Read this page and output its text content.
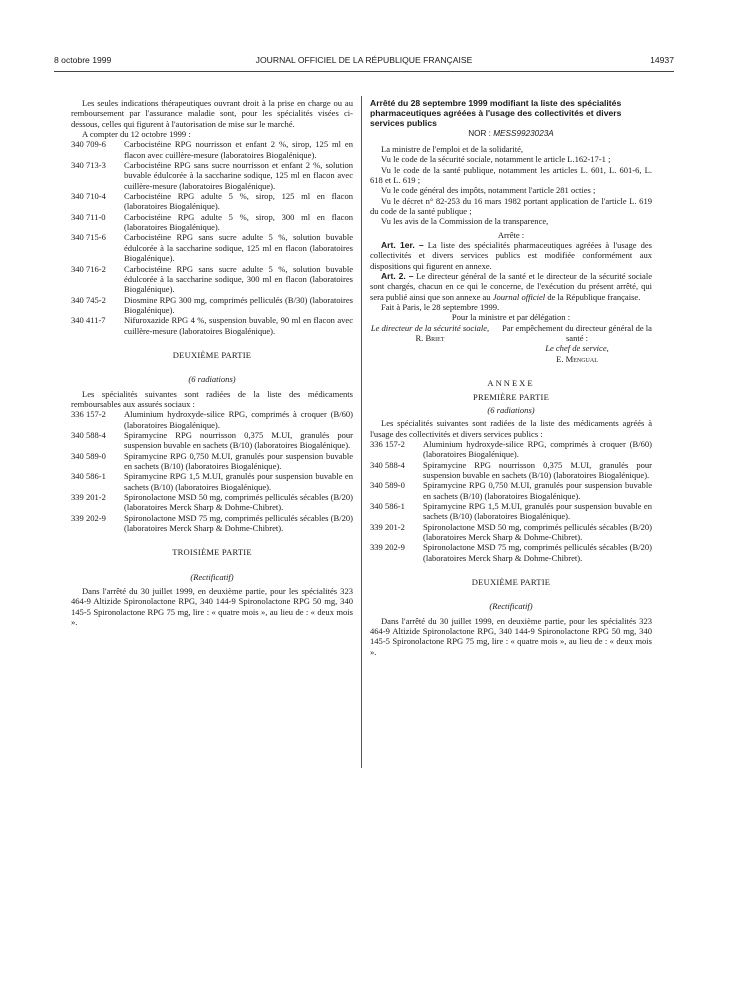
8 octobre 1999	JOURNAL OFFICIEL DE LA RÉPUBLIQUE FRANÇAISE	14937

Les seules indications thérapeutiques ouvrant droit à la prise en charge ou au remboursement par l'assurance maladie sont, pour les spécialités visées ci-dessous, celles qui figurent à l'autorisation de mise sur le marché.

A compter du 12 octobre 1999 :

340 709-6	Carbocistéine RPG nourrisson et enfant 2 %, sirop, 125 ml en flacon avec cuillère-mesure (laboratoires Biogalénique).
340 713-3	Carbocistéine RPG sans sucre nourrisson et enfant 2 %, solution buvable édulcorée à la saccharine sodique, 125 ml en flacon avec cuillère-mesure (laboratoires Biogalénique).
340 710-4	Carbocistéine RPG adulte 5 %, sirop, 125 ml en flacon (laboratoires Biogalénique).
340 711-0	Carbocistéine RPG adulte 5 %, sirop, 300 ml en flacon (laboratoires Biogalénique).
340 715-6	Carbocistéine RPG sans sucre adulte 5 %, solution buvable édulcorée à la saccharine sodique, 125 ml en flacon (laboratoires Biogalénique).
340 716-2	Carbocistéine RPG sans sucre adulte 5 %, solution buvable édulcorée à la saccharine sodique, 300 ml en flacon (laboratoires Biogalénique).
340 745-2	Diosmine RPG 300 mg, comprimés pelliculés (B/30) (laboratoires Biogalénique).
340 411-7	Nifuroxazide RPG 4 %, suspension buvable, 90 ml en flacon avec cuillère-mesure (laboratoires Biogalénique).

DEUXIÈME PARTIE

(6 radiations)

Les spécialités suivantes sont radiées de la liste des médicaments remboursables aux assurés sociaux :

336 157-2	Aluminium hydroxyde-silice RPG, comprimés à croquer (B/60) (laboratoires Biogalénique).
340 588-4	Spiramycine RPG nourrisson 0,375 M.UI, granulés pour suspension buvable en sachets (B/10) (laboratoires Biogalénique).
340 589-0	Spiramycine RPG 0,750 M.UI, granulés pour suspension buvable en sachets (B/10) (laboratoires Biogalénique).
340 586-1	Spiramycine RPG 1,5 M.UI, granulés pour suspension buvable en sachets (B/10) (laboratoires Biogalénique).
339 201-2	Spironolactone MSD 50 mg, comprimés pelliculés sécables (B/20) (laboratoires Merck Sharp & Dohme-Chibret).
339 202-9	Spironolactone MSD 75 mg, comprimés pelliculés sécables (B/20) (laboratoires Merck Sharp & Dohme-Chibret).

TROISIÈME PARTIE

(Rectificatif)

Dans l'arrêté du 30 juillet 1999, en deuxième partie, pour les spécialités 323 464-9 Altizide Spironolactone RPG, 340 144-9 Spironolactone RPG 50 mg, 340 145-5 Spironolactone RPG 75 mg, lire : « quatre mois », au lieu de : « deux mois ».

Arrêté du 28 septembre 1999 modifiant la liste des spécialités pharmaceutiques agréées à l'usage des collectivités et divers services publics

NOR : MESS9923023A

La ministre de l'emploi et de la solidarité,

Vu le code de la sécurité sociale, notamment le article L.162-17-1 ;

Vu le code de la santé publique, notamment les articles L. 601, L. 601-6, L. 618 et L. 619 ;

Vu le code général des impôts, notamment l'article 281 octies ;

Vu le décret n° 82-253 du 16 mars 1982 portant application de l'article L. 619 du code de la santé publique ;

Vu les avis de la Commission de la transparence,

Arrête :

Art. 1er. – La liste des spécialités pharmaceutiques agréées à l'usage des collectivités et divers services publics est modifiée conformément aux dispositions qui figurent en annexe.

Art. 2. – Le directeur général de la santé et le directeur de la sécurité sociale sont chargés, chacun en ce qui le concerne, de l'exécution du présent arrêté, qui sera publié ainsi que son annexe au Journal officiel de la République française.

Fait à Paris, le 28 septembre 1999.

Pour la ministre et par délégation :

Le directeur de la sécurité sociale,
R. Briet
Par empêchement du directeur général de la santé :
Le chef de service,
E. Mengual

ANNEXE

PREMIÈRE PARTIE

(6 radiations)

Les spécialités suivantes sont radiées de la liste des médicaments agréés à l'usage des collectivités et divers services publics :

336 157-2	Aluminium hydroxyde-silice RPG, comprimés à croquer (B/60) (laboratoires Biogalénique).
340 588-4	Spiramycine RPG nourrisson 0,375 M.UI, granulés pour suspension buvable en sachets (B/10) (laboratoires Biogalénique).
340 589-0	Spiramycine RPG 0,750 M.UI, granulés pour suspension buvable en sachets (B/10) (laboratoires Biogalénique).
340 586-1	Spiramycine RPG 1,5 M.UI, granulés pour suspension buvable en sachets (B/10) (laboratoires Biogalénique).
339 201-2	Spironolactone MSD 50 mg, comprimés pelliculés sécables (B/20) (laboratoires Merck Sharp & Dohme-Chibret).
339 202-9	Spironolactone MSD 75 mg, comprimés pelliculés sécables (B/20) (laboratoires Merck Sharp & Dohme-Chibret).

DEUXIÈME PARTIE

(Rectificatif)

Dans l'arrêté du 30 juillet 1999, en deuxième partie, pour les spécialités 323 464-9 Altizide Spironolactone RPG, 340 144-9 Spironolactone RPG 50 mg, 340 145-5 Spironolactone RPG 75 mg, lire : « quatre mois », au lieu de : « deux mois ».
